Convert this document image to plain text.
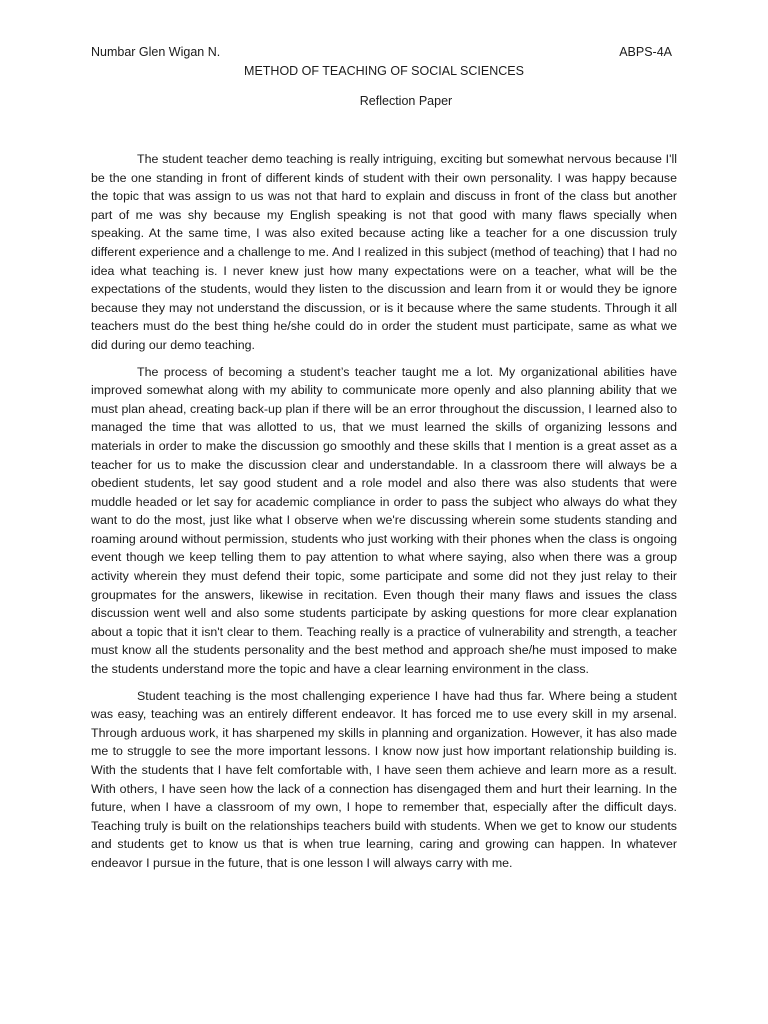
Numbar Glen Wigan N.	ABPS-4A
METHOD OF TEACHING OF SOCIAL SCIENCES
Reflection Paper

The student teacher demo teaching is really intriguing, exciting but somewhat nervous because I'll be the one standing in front of different kinds of student with their own personality. I was happy because the topic that was assign to us was not that hard to explain and discuss in front of the class but another part of me was shy because my English speaking is not that good with many flaws specially when speaking. At the same time, I was also exited because acting like a teacher for a one discussion truly different experience and a challenge to me. And I realized in this subject (method of teaching) that I had no idea what teaching is. I never knew just how many expectations were on a teacher, what will be the expectations of the students, would they listen to the discussion and learn from it or would they be ignore because they may not understand the discussion, or is it because where the same students. Through it all teachers must do the best thing he/she could do in order the student must participate, same as what we did during our demo teaching.

The process of becoming a student’s teacher taught me a lot. My organizational abilities have improved somewhat along with my ability to communicate more openly and also planning ability that we must plan ahead, creating back-up plan if there will be an error throughout the discussion, I learned also to managed the time that was allotted to us, that we must learned the skills of organizing lessons and materials in order to make the discussion go smoothly and these skills that I mention is a great asset as a teacher for us to make the discussion clear and understandable. In a classroom there will always be a obedient students, let say good student and a role model and also there was also students that were muddle headed or let say for academic compliance in order to pass the subject who always do what they want to do the most, just like what I observe when we're discussing wherein some students standing and roaming around without permission, students who just working with their phones when the class is ongoing event though we keep telling them to pay attention to what where saying, also when there was a group activity wherein they must defend their topic, some participate and some did not they just relay to their groupmates for the answers, likewise in recitation. Even though their many flaws and issues the class discussion went well and also some students participate by asking questions for more clear explanation about a topic that it isn't clear to them. Teaching really is a practice of vulnerability and strength, a teacher must know all the students personality and the best method and approach she/he must imposed to make the students understand more the topic and have a clear learning environment in the class.

Student teaching is the most challenging experience I have had thus far. Where being a student was easy, teaching was an entirely different endeavor. It has forced me to use every skill in my arsenal. Through arduous work, it has sharpened my skills in planning and organization. However, it has also made me to struggle to see the more important lessons. I know now just how important relationship building is. With the students that I have felt comfortable with, I have seen them achieve and learn more as a result. With others, I have seen how the lack of a connection has disengaged them and hurt their learning. In the future, when I have a classroom of my own, I hope to remember that, especially after the difficult days. Teaching truly is built on the relationships teachers build with students. When we get to know our students and students get to know us that is when true learning, caring and growing can happen. In whatever endeavor I pursue in the future, that is one lesson I will always carry with me.
